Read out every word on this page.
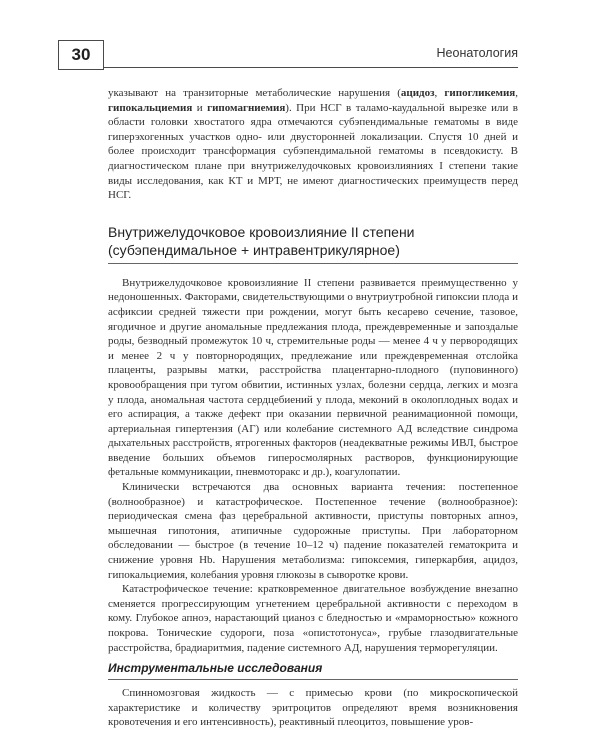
30	Неонатология

указывают на транзиторные метаболические нарушения (ацидоз, гипогликемия, гипокальциемия и гипомагниемия). При НСГ в таламо-каудальной вырезке или в области головки хвостатого ядра отмечаются субэпендимальные гематомы в виде гиперэхогенных участков одно- или двусторонней локализации. Спустя 10 дней и более происходит трансформация субэпендимальной гематомы в псевдокисту. В диагностическом плане при внутрижелудочковых кровоизлияниях I степени такие виды исследования, как КТ и МРТ, не имеют диагностических преимуществ перед НСГ.

Внутрижелудочковое кровоизлияние II степени
(субэпендимальное + интравентрикулярное)

Внутрижелудочковое кровоизлияние II степени развивается преимущественно у недоношенных. Факторами, свидетельствующими о внутриутробной гипоксии плода и асфиксии средней тяжести при рождении, могут быть кесарево сечение, тазовое, ягодичное и другие аномальные предлежания плода, преждевременные и запоздалые роды, безводный промежуток 10 ч, стремительные роды — менее 4 ч у первородящих и менее 2 ч у повторнородящих, предлежание или преждевременная отслойка плаценты, разрывы матки, расстройства плацентарно-плодного (пуповинного) кровообращения при тугом обвитии, истинных узлах, болезни сердца, легких и мозга у плода, аномальная частота сердцебиений у плода, меконий в околоплодных водах и его аспирация, а также дефект при оказании первичной реанимационной помощи, артериальная гипертензия (АГ) или колебание системного АД вследствие синдрома дыхательных расстройств, ятрогенных факторов (неадекватные режимы ИВЛ, быстрое введение больших объемов гиперосмолярных растворов, функционирующие фетальные коммуникации, пневмоторакс и др.), коагулопатии.

Клинически встречаются два основных варианта течения: постепенное (волнообразное) и катастрофическое. Постепенное течение (волнообразное): периодическая смена фаз церебральной активности, приступы повторных апноэ, мышечная гипотония, атипичные судорожные приступы. При лабораторном обследовании — быстрое (в течение 10–12 ч) падение показателей гематокрита и снижение уровня Hb. Нарушения метаболизма: гипоксемия, гиперкарбия, ацидоз, гипокальциемия, колебания уровня глюкозы в сыворотке крови.

Катастрофическое течение: кратковременное двигательное возбуждение внезапно сменяется прогрессирующим угнетением церебральной активности с переходом в кому. Глубокое апноэ, нарастающий цианоз с бледностью и «мраморностью» кожного покрова. Тонические судороги, поза «опистотонуса», грубые глазодвигательные расстройства, брадиаритмия, падение системного АД, нарушения терморегуляции.

Инструментальные исследования

Спинномозговая жидкость — с примесью крови (по микроскопической характеристике и количеству эритроцитов определяют время возникновения кровотечения и его интенсивность), реактивный плеоцитоз, повышение уров-
